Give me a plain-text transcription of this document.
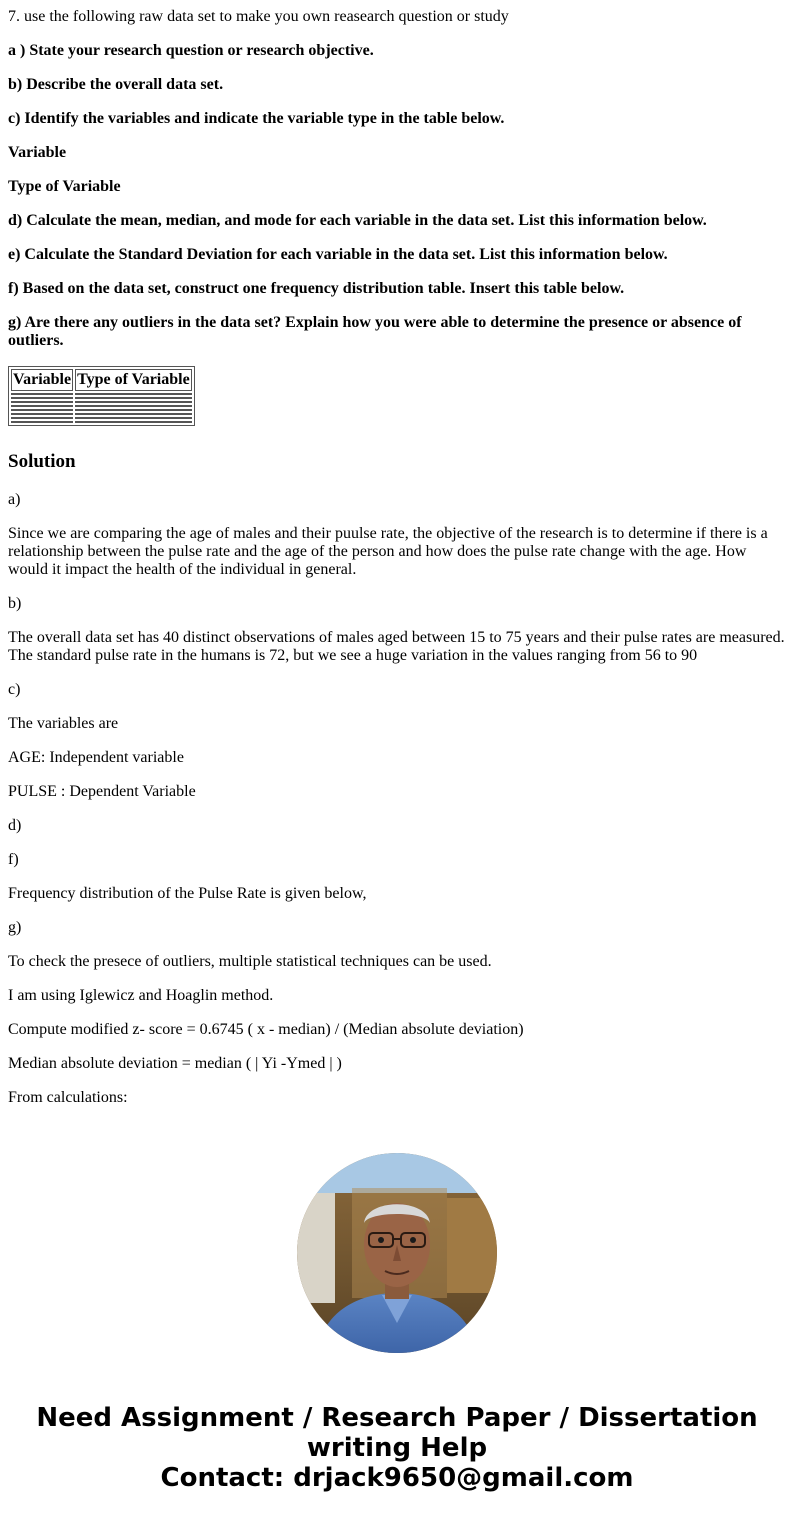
7. use the following raw data set to make you own reasearch question or study

a ) State your research question or research objective.

b) Describe the overall data set.

c) Identify the variables and indicate the variable type in the table below.

Variable

Type of Variable

d) Calculate the mean, median, and mode for each variable in the data set. List this information below.

e) Calculate the Standard Deviation for each variable in the data set. List this information below.

f) Based on the data set, construct one frequency distribution table. Insert this table below.

g) Are there any outliers in the data set? Explain how you were able to determine the presence or absence of outliers.

Variable	Type of Variable

Solution

a)

Since we are comparing the age of males and their puulse rate, the objective of the research is to determine if there is a relationship between the pulse rate and the age of the person and how does the pulse rate change with the age. How would it impact the health of the individual in general.

b)

The overall data set has 40 distinct observations of males aged between 15 to 75 years and their pulse rates are measured. The standard pulse rate in the humans is 72, but we see a huge variation in the values ranging from 56 to 90

c)

The variables are

AGE: Independent variable

PULSE : Dependent Variable

d)

f)

Frequency distribution of the Pulse Rate is given below,

g)

To check the presece of outliers, multiple statistical techniques can be used.

I am using Iglewicz and Hoaglin method.

Compute modified z- score = 0.6745 ( x - median) / (Median absolute deviation)

Median absolute deviation = median ( | Yi -Ymed | )

From calculations:

Need Assignment / Research Paper / Dissertation
writing Help
Contact: drjack9650@gmail.com
